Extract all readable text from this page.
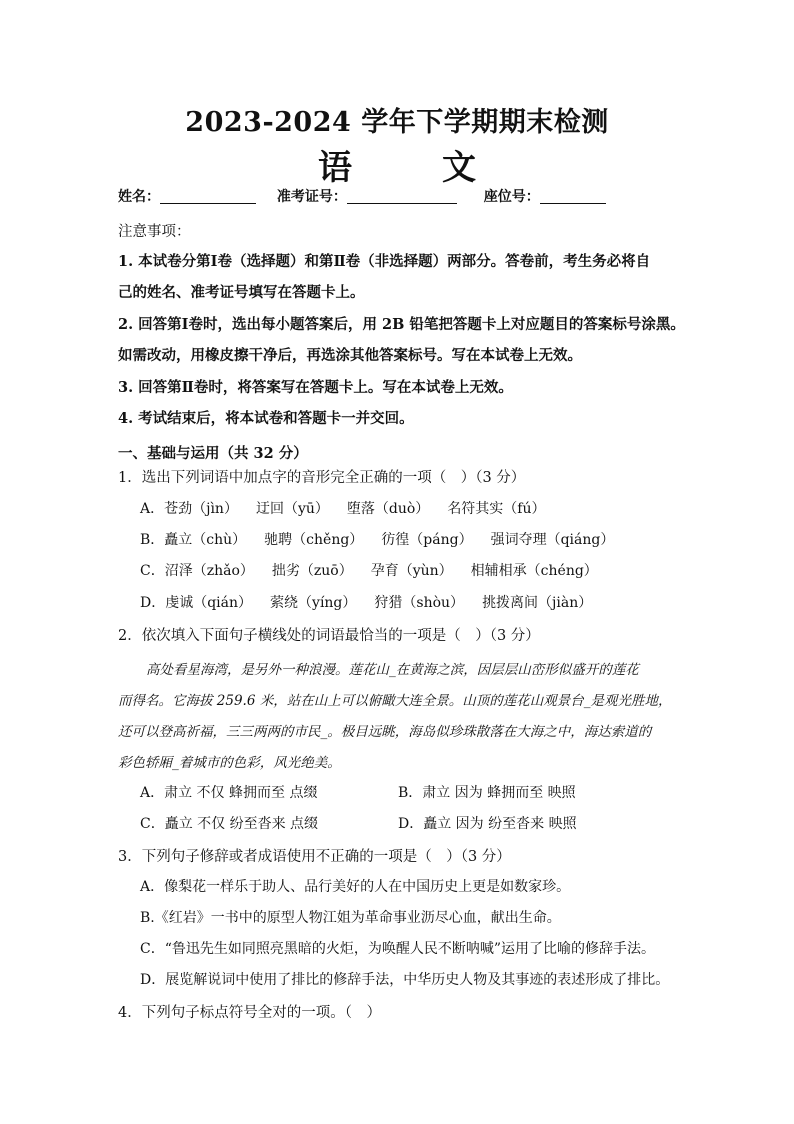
2023-2024 学年下学期期末检测
语　文
姓名：	准考证号：	座位号：
注意事项：
1. 本试卷分第Ⅰ卷（选择题）和第Ⅱ卷（非选择题）两部分。答卷前，考生务必将自
己的姓名、准考证号填写在答题卡上。
2. 回答第Ⅰ卷时，选出每小题答案后，用 2B 铅笔把答题卡上对应题目的答案标号涂黑。
如需改动，用橡皮擦干净后，再选涂其他答案标号。写在本试卷上无效。
3. 回答第Ⅱ卷时，将答案写在答题卡上。写在本试卷上无效。
4. 考试结束后，将本试卷和答题卡一并交回。
一、基础与运用（共 32 分）
1．选出下列词语中加点字的音形完全正确的一项（　）（3 分）
A．苍劲（jìn） 迂回（yū） 堕落（duò） 名符其实（fú）
B．矗立（chù） 驰聘（chěng） 彷徨（páng） 强词夺理（qiáng）
C．沼泽（zhǎo） 拙劣（zuō） 孕育（yùn） 相辅相承（chéng）
D．虔诚（qián） 萦绕（yíng） 狩猎（shòu） 挑拨离间（jiàn）
2．依次填入下面句子横线处的词语最恰当的一项是（　）（3 分）
高处看星海湾，是另外一种浪漫。莲花山_在黄海之滨，因层层山峦形似盛开的莲花
而得名。它海拔 259.6 米，站在山上可以俯瞰大连全景。山顶的莲花山观景台_是观光胜地，
还可以登高祈福，三三两两的市民_。极目远眺，海岛似珍珠散落在大海之中，海达索道的
彩色轿厢_着城市的色彩，风光绝美。
A．肃立 不仅 蜂拥而至 点缀	B．肃立 因为 蜂拥而至 映照
C．矗立 不仅 纷至沓来 点缀	D．矗立 因为 纷至沓来 映照
3．下列句子修辞或者成语使用不正确的一项是（　）（3 分）
A．像梨花一样乐于助人、品行美好的人在中国历史上更是如数家珍。
B.《红岩》一书中的原型人物江姐为革命事业沥尽心血，献出生命。
C．“鲁迅先生如同照亮黑暗的火炬，为唤醒人民不断呐喊”运用了比喻的修辞手法。
D．展览解说词中使用了排比的修辞手法，中华历史人物及其事迹的表述形成了排比。
4．下列句子标点符号全对的一项。（　）
